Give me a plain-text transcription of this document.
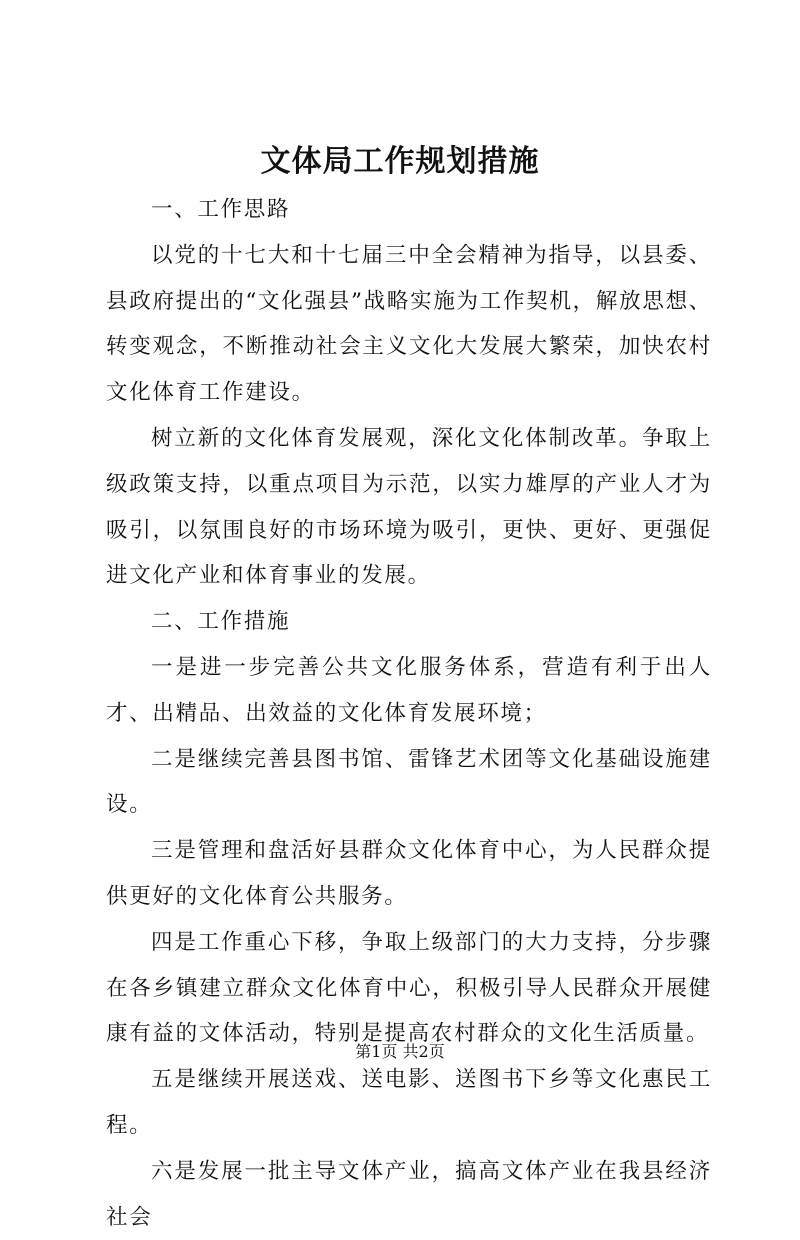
文体局工作规划措施

一、工作思路

以党的十七大和十七届三中全会精神为指导，以县委、县政府提出的“文化强县”战略实施为工作契机，解放思想、转变观念，不断推动社会主义文化大发展大繁荣，加快农村文化体育工作建设。

树立新的文化体育发展观，深化文化体制改革。争取上级政策支持，以重点项目为示范，以实力雄厚的产业人才为吸引，以氛围良好的市场环境为吸引，更快、更好、更强促进文化产业和体育事业的发展。

二、工作措施

一是进一步完善公共文化服务体系，营造有利于出人才、出精品、出效益的文化体育发展环境；

二是继续完善县图书馆、雷锋艺术团等文化基础设施建设。

三是管理和盘活好县群众文化体育中心，为人民群众提供更好的文化体育公共服务。

四是工作重心下移，争取上级部门的大力支持，分步骤在各乡镇建立群众文化体育中心，积极引导人民群众开展健康有益的文体活动，特别是提高农村群众的文化生活质量。

五是继续开展送戏、送电影、送图书下乡等文化惠民工程。

六是发展一批主导文体产业，搞高文体产业在我县经济社会

第1页 共2页
